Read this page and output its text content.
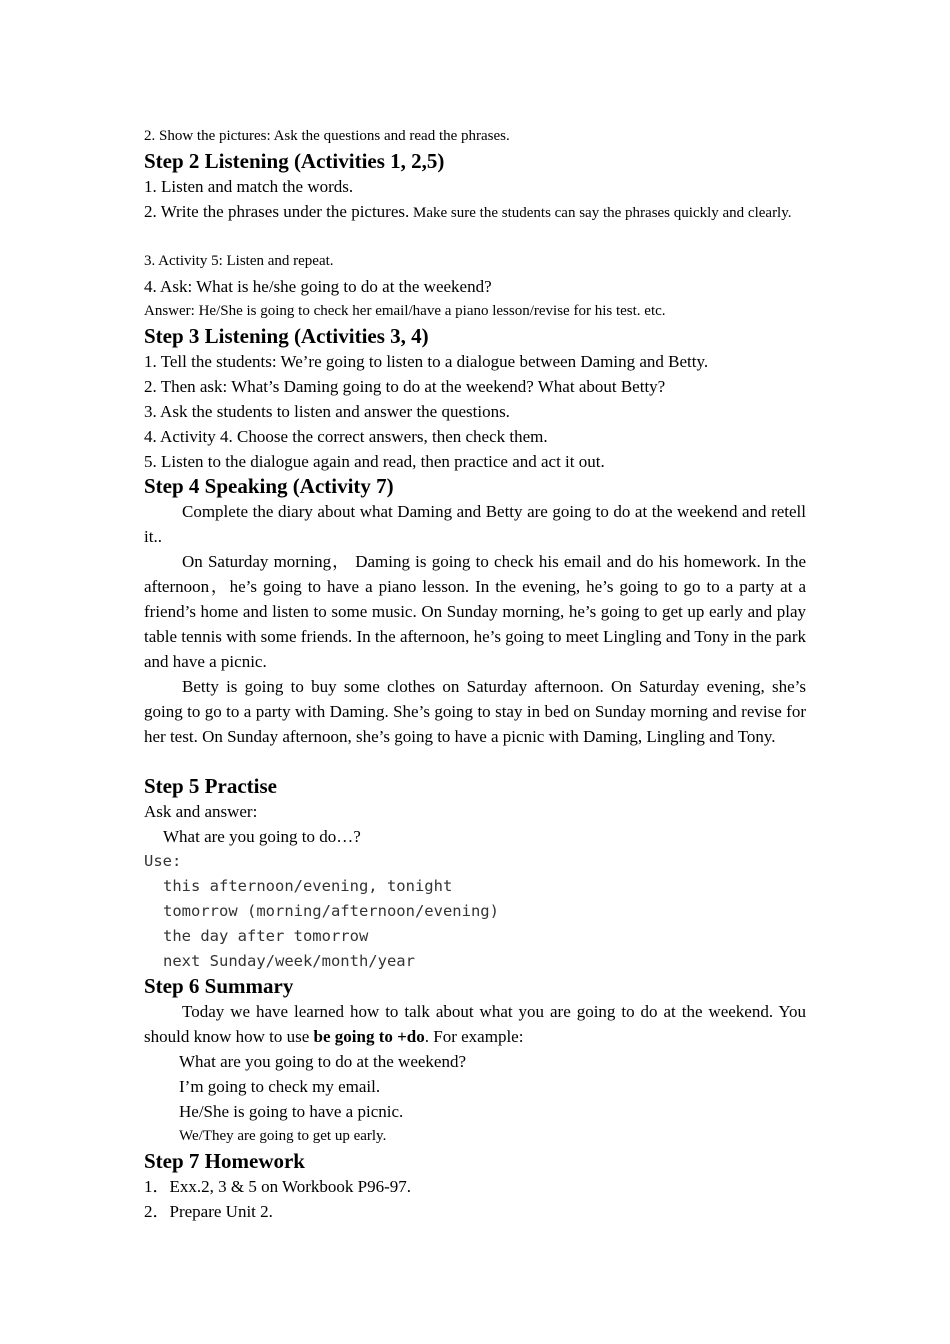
2. Show the pictures: Ask the questions and read the phrases.
Step 2 Listening (Activities 1, 2,5)
1. Listen and match the words.
2. Write the phrases under the pictures. Make sure the students can say the phrases quickly and clearly.
3. Activity 5: Listen and repeat.
4. Ask: What is he/she going to do at the weekend?
Answer: He/She is going to check her email/have a piano lesson/revise for his test. etc.
Step 3 Listening (Activities 3, 4)
1. Tell the students: We’re going to listen to a dialogue between Daming and Betty.
2. Then ask: What’s Daming going to do at the weekend? What about Betty?
3. Ask the students to listen and answer the questions.
4. Activity 4. Choose the correct answers, then check them.
5. Listen to the dialogue again and read, then practice and act it out.
Step 4 Speaking (Activity 7)
Complete the diary about what Daming and Betty are going to do at the weekend and retell it..
On Saturday morning， Daming is going to check his email and do his homework. In the afternoon，he’s going to have a piano lesson. In the evening, he’s going to go to a party at a friend’s home and listen to some music. On Sunday morning, he’s going to get up early and play table tennis with some friends. In the afternoon, he’s going to meet Lingling and Tony in the park and have a picnic.
Betty is going to buy some clothes on Saturday afternoon. On Saturday evening, she’s going to go to a party with Daming. She’s going to stay in bed on Sunday morning and revise for her test. On Sunday afternoon, she’s going to have a picnic with Daming, Lingling and Tony.
Step 5 Practise
Ask and answer:
What are you going to do…?
Use:
this afternoon/evening, tonight
tomorrow (morning/afternoon/evening)
the day after tomorrow
next Sunday/week/month/year
Step 6 Summary
Today we have learned how to talk about what you are going to do at the weekend. You should know how to use be going to +do. For example:
What are you going to do at the weekend?
I’m going to check my email.
He/She is going to have a picnic.
We/They are going to get up early.
Step 7 Homework
1．Exx.2, 3 & 5 on Workbook P96-97.
2．Prepare Unit 2.
